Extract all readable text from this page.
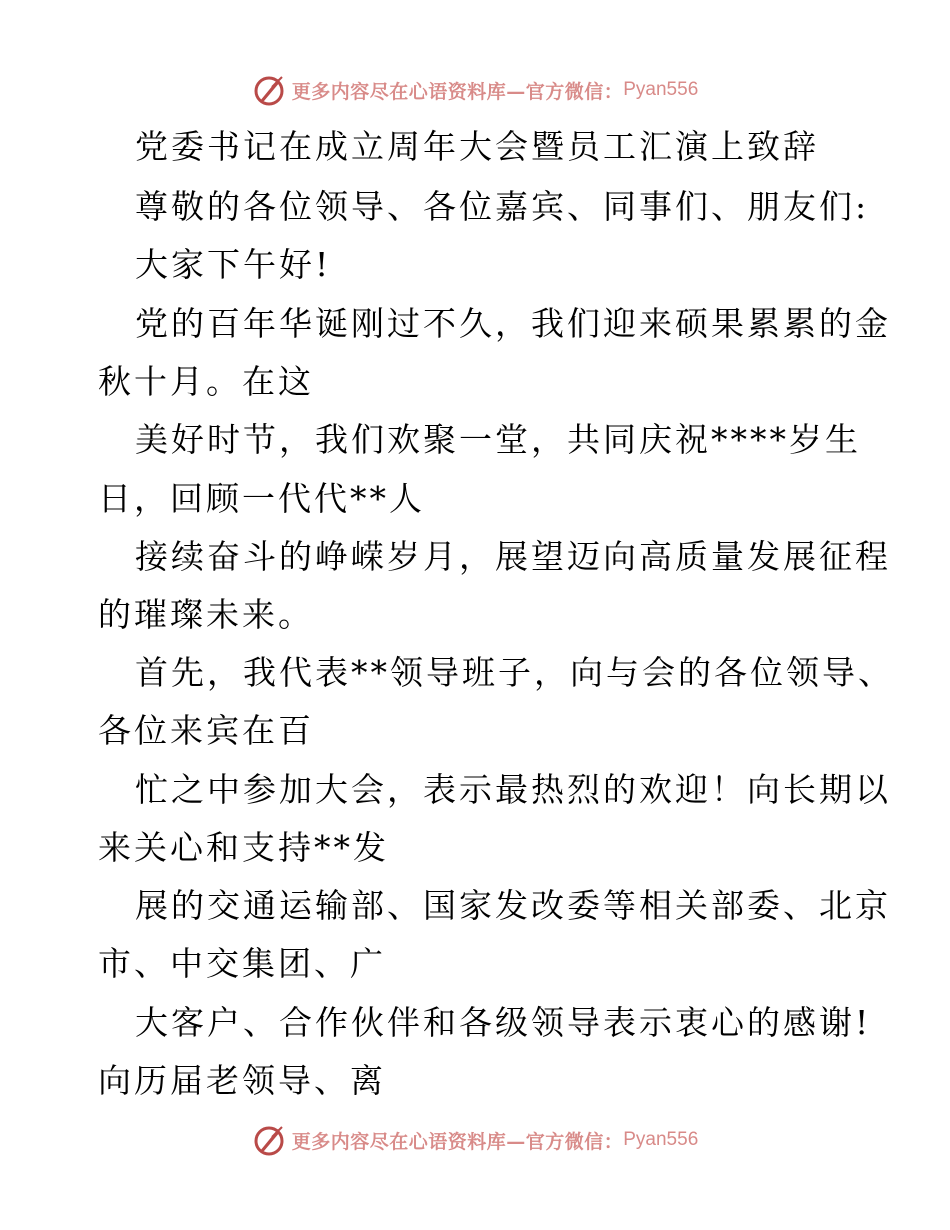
更多内容尽在心语资料库—官方微信： Pyan556
党委书记在成立周年大会暨员工汇演上致辞
尊敬的各位领导、各位嘉宾、同事们、朋友们:
大家下午好!
党的百年华诞刚过不久，我们迎来硕果累累的金
秋十月。在这
美好时节，我们欢聚一堂，共同庆祝****岁生
日，回顾一代代**人
接续奋斗的峥嵘岁月，展望迈向高质量发展征程
的璀璨未来。
首先，我代表**领导班子，向与会的各位领导、
各位来宾在百
忙之中参加大会，表示最热烈的欢迎！向长期以
来关心和支持**发
展的交通运输部、国家发改委等相关部委、北京
市、中交集团、广
大客户、合作伙伴和各级领导表示衷心的感谢!
向历届老领导、离
更多内容尽在心语资料库—官方微信： Pyan556
